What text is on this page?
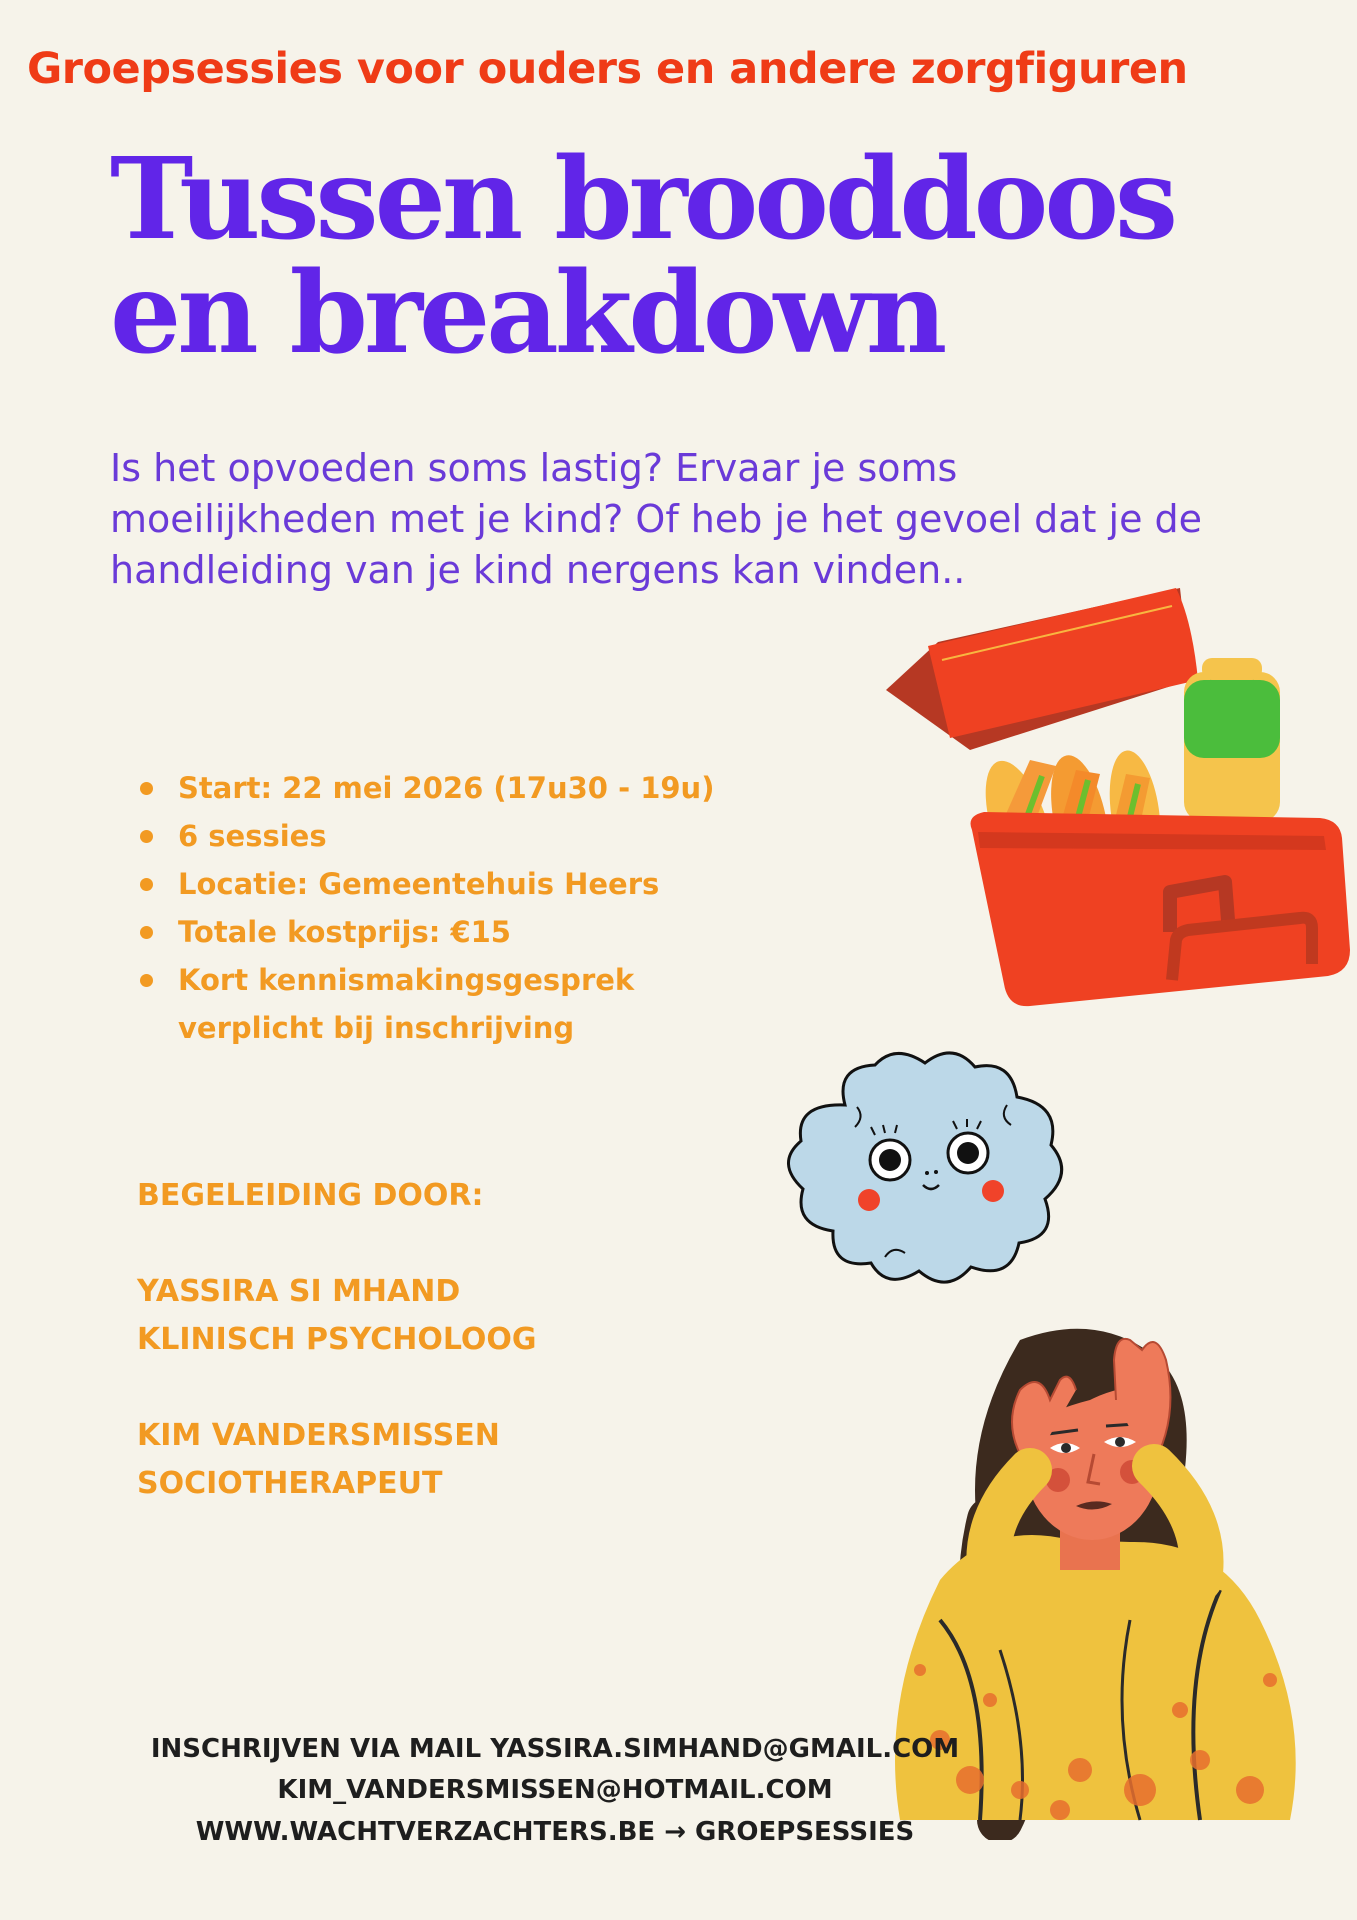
Groepsessies voor ouders en andere zorgfiguren
Tussen brooddoos en breakdown
Is het opvoeden soms lastig? Ervaar je soms moeilijkheden met je kind? Of heb je het gevoel dat je de handleiding van je kind nergens kan vinden..
Start: 22 mei 2026 (17u30 - 19u)
6 sessies
Locatie: Gemeentehuis Heers
Totale kostprijs: €15
Kort kennismakingsgesprek verplicht bij inschrijving
BEGELEIDING DOOR:
YASSIRA SI MHAND
KLINISCH PSYCHOLOOG
KIM VANDERSMISSEN
SOCIOTHERAPEUT
INSCHRIJVEN VIA MAIL YASSIRA.SIMHAND@GMAIL.COM
KIM_VANDERSMISSEN@HOTMAIL.COM
WWW.WACHTVERZACHTERS.BE → GROEPSESSIES
